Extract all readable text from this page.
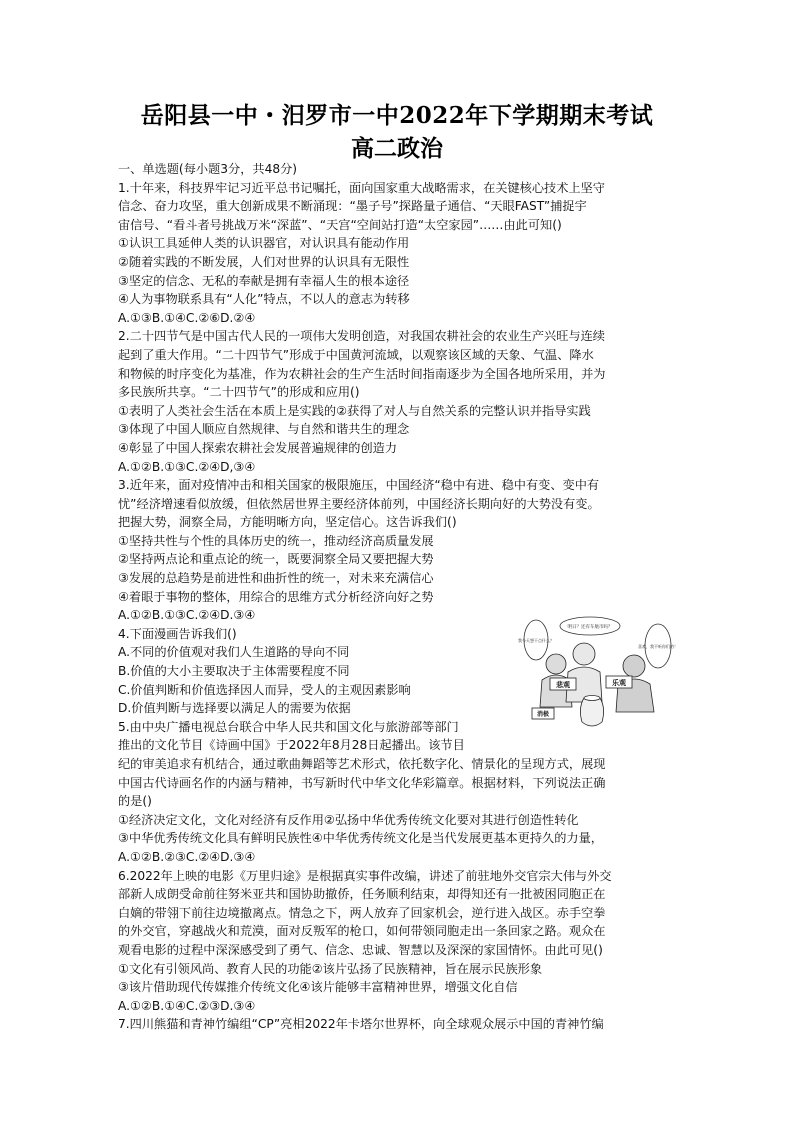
岳阳县一中・汨罗市一中2022年下学期期末考试
高二政治
一、单选题(每小题3分，共48分)
1.十年来，科技界牢记习近平总书记嘱托，面向国家重大战略需求，在关键核心技术上坚守
信念、奋力攻坚，重大创新成果不断涌现：“墨子号”探路量子通信、“天眼FAST”捕捉宇
宙信号、“看斗者号挑战万米“深蓝”、“天宫“空间站打造“太空家园”……由此可知()
①认识工具延伸人类的认识器官，对认识具有能动作用
②随着实践的不断发展，人们对世界的认识具有无限性
③坚定的信念、无私的奉献是拥有幸福人生的根本途径
④人为事物联系具有“人化”特点，不以人的意志为转移
A.①③B.①④C.②⑥D.②④
2.二十四节气是中国古代人民的一项伟大发明创造，对我国农耕社会的农业生产兴旺与连续
起到了重大作用。“二十四节气”形成于中国黄河流域，以观察该区域的天象、气温、降水
和物候的时序变化为基准，作为农耕社会的生产生活时间指南逐步为全国各地所采用，并为
多民族所共享。“二十四节气”的形成和应用()
①表明了人类社会生活在本质上是实践的②获得了对人与自然关系的完整认识并指导实践
③体现了中国人顺应自然规律、与自然和谐共生的理念
④彰显了中国人探索农耕社会发展普遍规律的创造力
A.①②B.①③C.②④D,③④
3.近年来，面对疫情冲击和相关国家的极限施压，中国经济“稳中有进、稳中有变、变中有
忧”经济增速看似放缓，但依然居世界主要经济体前列，中国经济长期向好的大势没有变。
把握大势，洞察全局，方能明晰方向，坚定信心。这告诉我们()
①坚持共性与个性的具体历史的统一，推动经济高质量发展
②坚持两点论和重点论的统一，既要洞察全局又要把握大势
③发展的总趋势是前进性和曲折性的统一，对未来充满信心
④着眼于事物的整体，用综合的思维方式分析经济向好之势
A.①②B.①③C.②④D.③④
4.下面漫画告诉我们()
A.不同的价值观对我们人生道路的导向不同
B.价值的大小主要取决于主体需要程度不同
C.价值判断和价值选择因人而异，受人的主观因素影响
D.价值判断与选择要以满足人的需要为依据
5.由中央广播电视总台联合中华人民共和国文化与旅游部等部门
推出的文化节目《诗画中国》于2022年8月28日起播出。该节目
纪的审美追求有机结合，通过歌曲舞蹈等艺术形式，依托数字化、情景化的呈现方式，展现
中国古代诗画名作的内涵与精神，书写新时代中华文化华彩篇章。根据材料，下列说法正确
的是()
①经济决定文化，文化对经济有反作用②弘扬中华优秀传统文化要对其进行创造性转化
③中华优秀传统文化具有鲜明民族性④中华优秀传统文化是当代发展更基本更持久的力量，
A.①②B.②③C.②④D.③④
6.2022年上映的电影《万里归途》是根据真实事件改编，讲述了前驻地外交官宗大伟与外交
部新人成朗受命前往努米亚共和国协助撤侨，任务顺利结束，却得知还有一批被困同胞正在
白嫡的带翎下前往边境撤离点。情急之下，两人放弃了回家机会，逆行进入战区。赤手空拳
的外交官，穿越战火和荒漠，面对反叛军的枪口，如何带领同胞走出一条回家之路。观众在
观看电影的过程中深深感受到了勇气、信念、忠诚、智慧以及深深的家国情怀。由此可见()
①文化有引领风尚、教育人民的功能②该片弘扬了民族精神，旨在展示民族形象
③该片借助现代传媒推介传统文化④该片能够丰富精神世界，增强文化自信
A.①②B.①④C.②③D.③④
7.四川熊猫和青神竹编组“CP”亮相2022年卡塔尔世界杯，向全球观众展示中国的青神竹编
我今天想干点什么？
明日？还有车航市吗？
喜欢，我不听你们的！
悲观	乐观
消极
